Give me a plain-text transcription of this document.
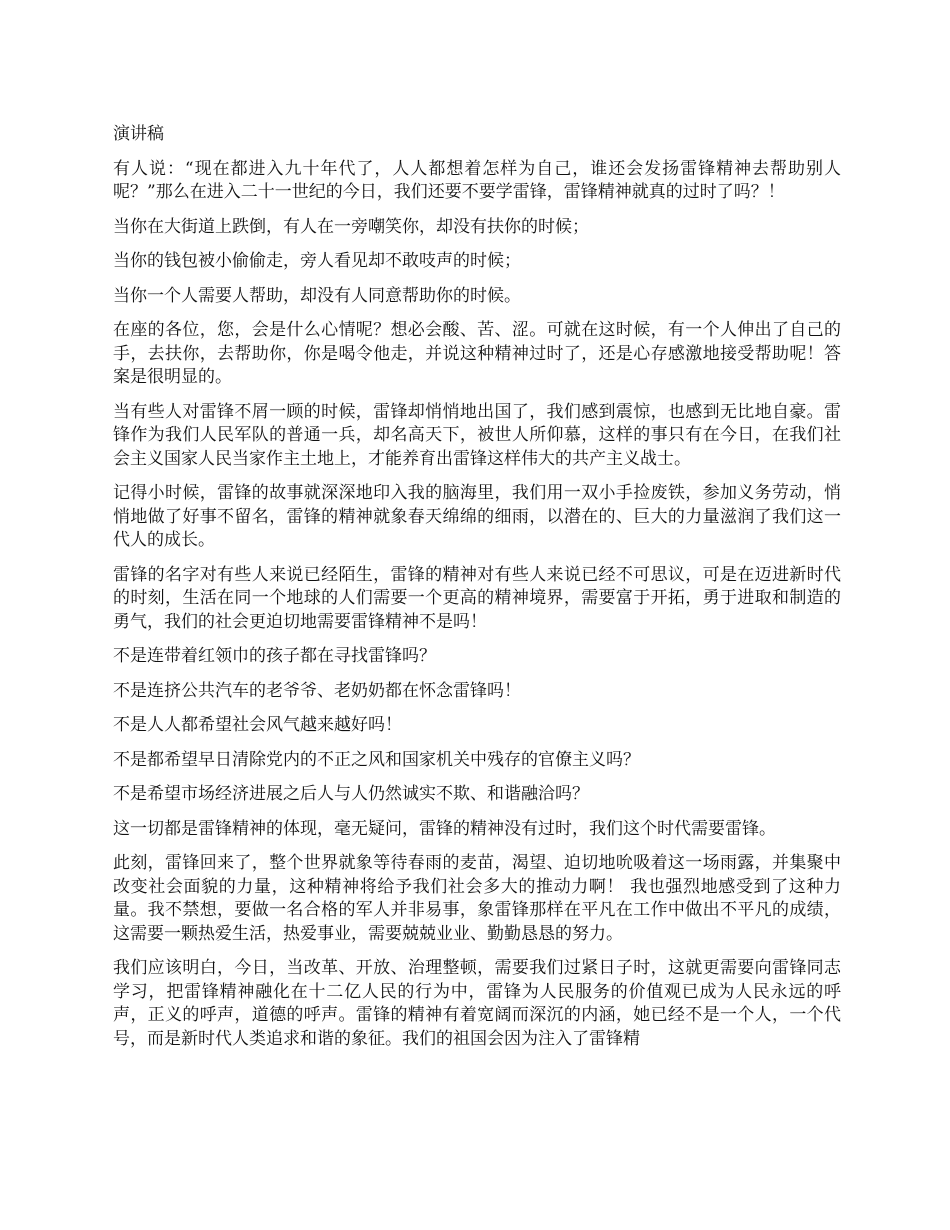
演讲稿

有人说：“现在都进入九十年代了，人人都想着怎样为自己，谁还会发扬雷锋精神去帮助别人呢？”那么在进入二十一世纪的今日，我们还要不要学雷锋，雷锋精神就真的过时了吗？！

当你在大街道上跌倒，有人在一旁嘲笑你，却没有扶你的时候；

当你的钱包被小偷偷走，旁人看见却不敢吱声的时候；

当你一个人需要人帮助，却没有人同意帮助你的时候。

在座的各位，您，会是什么心情呢？想必会酸、苦、涩。可就在这时候，有一个人伸出了自己的手，去扶你，去帮助你，你是喝令他走，并说这种精神过时了，还是心存感激地接受帮助呢！答案是很明显的。

当有些人对雷锋不屑一顾的时候，雷锋却悄悄地出国了，我们感到震惊，也感到无比地自豪。雷锋作为我们人民军队的普通一兵，却名高天下，被世人所仰慕，这样的事只有在今日，在我们社会主义国家人民当家作主土地上，才能养育出雷锋这样伟大的共产主义战士。

记得小时候，雷锋的故事就深深地印入我的脑海里，我们用一双小手捡废铁，参加义务劳动，悄悄地做了好事不留名，雷锋的精神就象春天绵绵的细雨，以潜在的、巨大的力量滋润了我们这一代人的成长。

雷锋的名字对有些人来说已经陌生，雷锋的精神对有些人来说已经不可思议，可是在迈进新时代的时刻，生活在同一个地球的人们需要一个更高的精神境界，需要富于开拓，勇于进取和制造的勇气，我们的社会更迫切地需要雷锋精神不是吗！

不是连带着红领巾的孩子都在寻找雷锋吗？

不是连挤公共汽车的老爷爷、老奶奶都在怀念雷锋吗！

不是人人都希望社会风气越来越好吗！

不是都希望早日清除党内的不正之风和国家机关中残存的官僚主义吗？

不是希望市场经济进展之后人与人仍然诚实不欺、和谐融洽吗？

这一切都是雷锋精神的体现，毫无疑问，雷锋的精神没有过时，我们这个时代需要雷锋。

此刻，雷锋回来了，整个世界就象等待春雨的麦苗，渴望、迫切地吮吸着这一场雨露，并集聚中改变社会面貌的力量，这种精神将给予我们社会多大的推动力啊！ 我也强烈地感受到了这种力量。我不禁想，要做一名合格的军人并非易事，象雷锋那样在平凡在工作中做出不平凡的成绩，这需要一颗热爱生活，热爱事业，需要兢兢业业、勤勤恳恳的努力。

我们应该明白，今日，当改革、开放、治理整顿，需要我们过紧日子时，这就更需要向雷锋同志学习，把雷锋精神融化在十二亿人民的行为中，雷锋为人民服务的价值观已成为人民永远的呼声，正义的呼声，道德的呼声。雷锋的精神有着宽阔而深沉的内涵，她已经不是一个人，一个代号，而是新时代人类追求和谐的象征。我们的祖国会因为注入了雷锋精
